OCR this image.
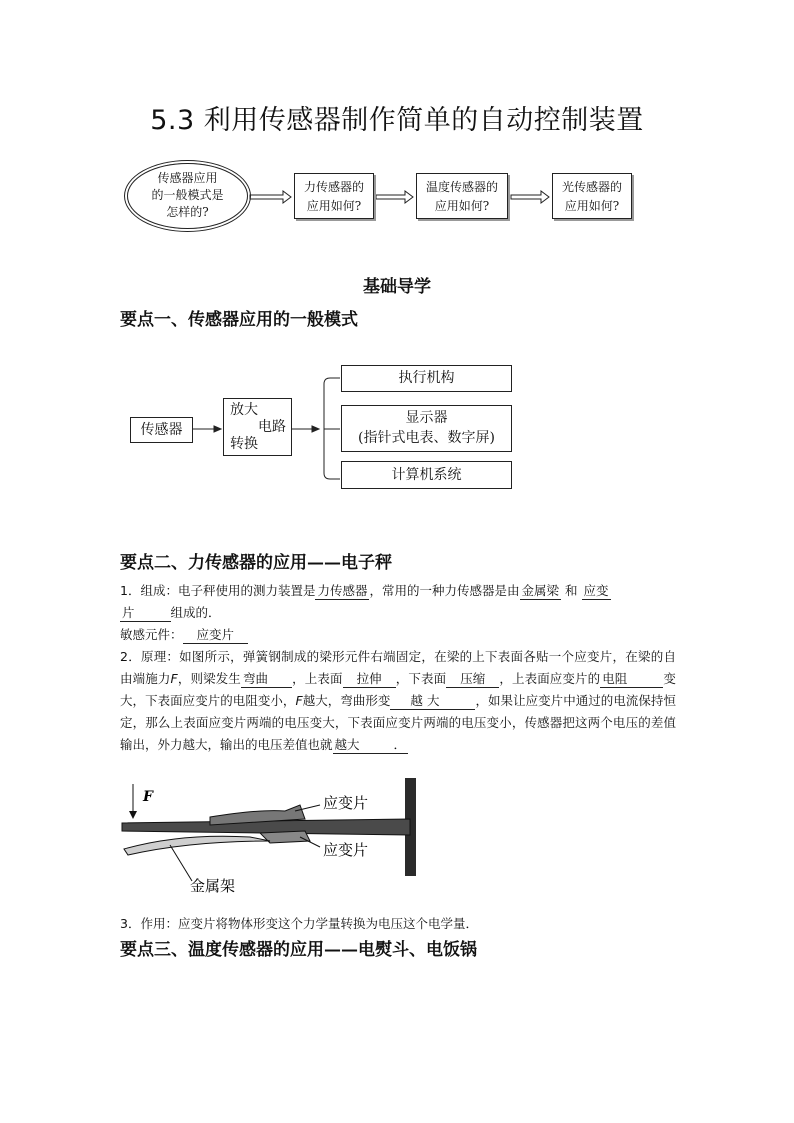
5.3 利用传感器制作简单的自动控制装置
传感器应用
的一般模式是
怎样的?
力传感器的
应用如何?
温度传感器的
应用如何?
光传感器的
应用如何?
基础导学
要点一、传感器应用的一般模式
传感器
放大
电路
转换
执行机构
显示器
(指针式电表、数字屏)
计算机系统
要点二、力传感器的应用——电子秤

1．组成：电子秤使用的测力装置是 力传感器 ，常用的一种力传感器是由 金属梁 和 应变
片	组成的．

敏感元件： 应变片

2．原理：如图所示，弹簧钢制成的梁形元件右端固定，在梁的上下表面各贴一个应变片，在梁的自由端施力F，则梁发生 弯曲 ，上表面 拉伸 ，下表面 压缩 ，上表面应变片的 电阻	变大，下表面应变片的电阻变小，F越大，弯曲形变 越 大	，如果让应变片中通过的电流保持恒定，那么上表面应变片两端的电压变大，下表面应变片两端的电压变小，传感器把这两个电压的差值输出，外力越大，输出的电压差值也就 越大	．

F	应变片
应变片
金属架
3．作用：应变片将物体形变这个力学量转换为电压这个电学量．
要点三、温度传感器的应用——电熨斗、电饭锅
